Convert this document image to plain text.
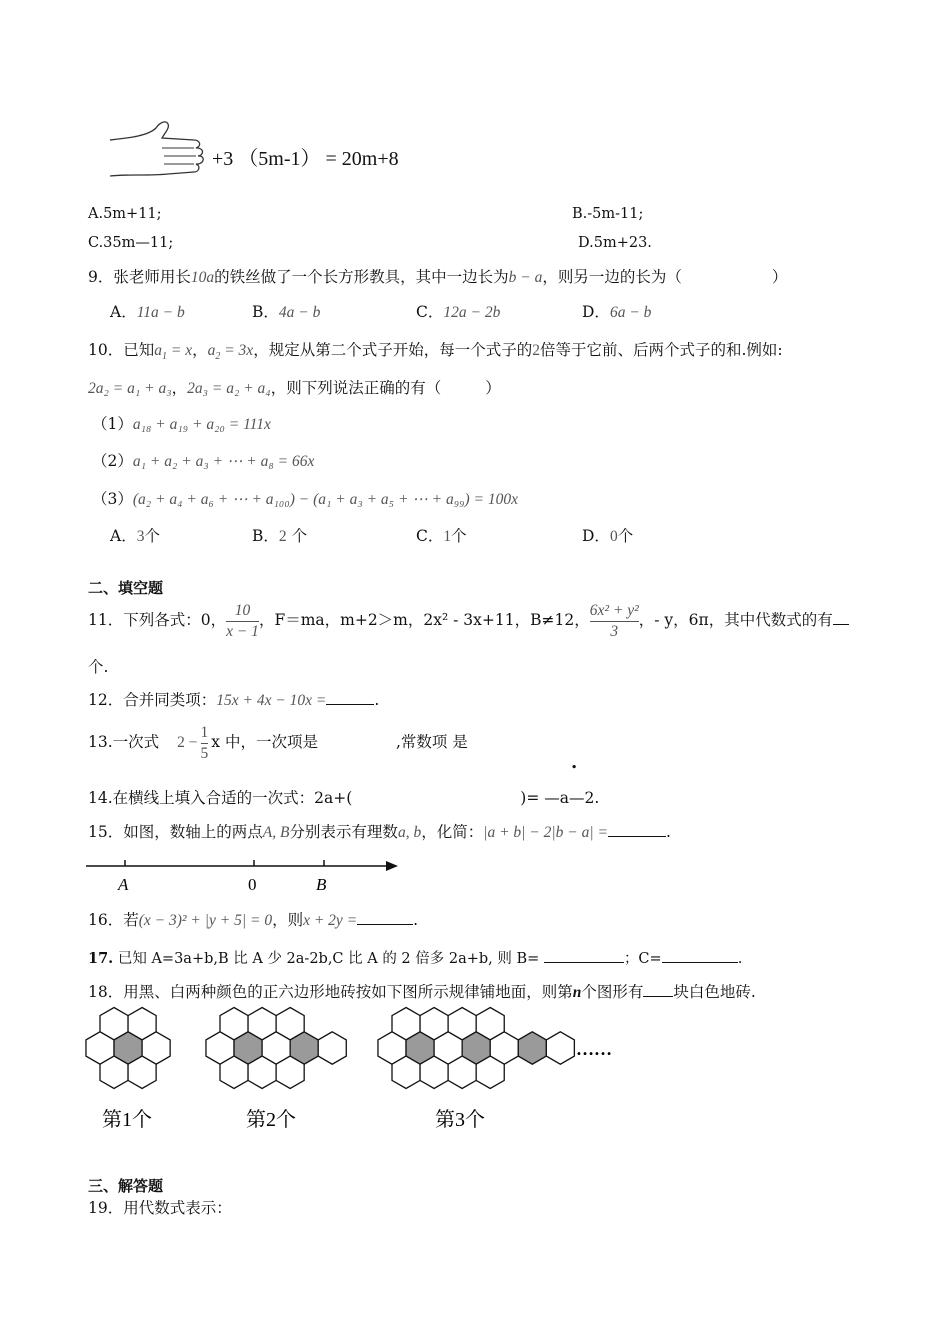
+3 （5m-1） = 20m+8
A.5m+11;	B.-5m-11;
C.35m—11;	D.5m+23.
9．张老师用长10a的铁丝做了一个长方形教具，其中一边长为b − a，则另一边的长为（	）
A．11a − b	B．4a − b	C．12a − 2b	D．6a − b
10．已知$a_1 = x$，$a_2 = 3x$，规定从第二个式子开始，每一个式子的2倍等于它前、后两个式子的和.例如:
2a₂ = a₁ + a₃，2a₃ = a₂ + a₄，则下列说法正确的有（	）
（1）a₁₈ + a₁₉ + a₂₀ = 111x
（2）a₁ + a₂ + a₃ + ⋯ + a₈ = 66x
（3）(a₂ + a₄ + a₆ + ⋯ + a₁₀₀) − (a₁ + a₃ + a₅ + ⋯ + a₉₉) = 100x
A．3个	B．2 个	C．1个	D．0个
二、填空题
11．下列各式：0， $\frac{10}{x - 1}$ ，F＝ma，m+2＞m，2x² - 3x+11，B≠12， $\frac{\text{6x² + y²}}{3}$ ，- y，6π，其中代数式的有
个.
12．合并同类项：15x + 4x − 10x =	.
13.一次式 $2 - \frac{1}{5}$ x 中，一次项是	,常数项 是
.
14.在横线上填入合适的一次式：2a+(	)= —a—2.
15．如图，数轴上的两点A, B分别表示有理数a, b，化简：|a + b| − 2|b − a| =	.
A	0	B
16．若(x − 3)² + |y + 5| = 0，则x + 2y =	.
17. 已知 A=3a+b,B 比 A 少 2a-2b,C 比 A 的 2 倍多 2a+b, 则 B=	；C=	.
18．用黑、白两种颜色的正六边形地砖按如下图所示规律铺地面，则第n个图形有 块白色地砖.
第1个	第2个	第3个
……
三、解答题
19．用代数式表示：
